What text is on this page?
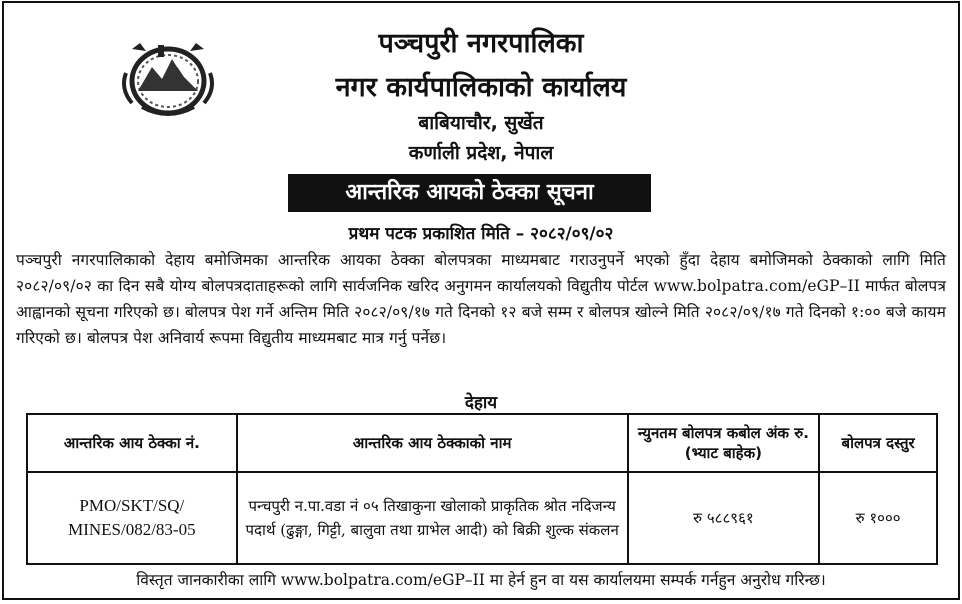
पञ्चपुरी नगरपालिका
नगर कार्यपालिकाको कार्यालय
बाबियाचौर, सुर्खेत
कर्णाली प्रदेश, नेपाल
आन्तरिक आयको ठेक्का सूचना
प्रथम पटक प्रकाशित मिति – २०८२/०९/०२
पञ्चपुरी नगरपालिकाको देहाय बमोजिमका आन्तरिक आयका ठेक्का बोलपत्रका माध्यमबाट गराउनुपर्ने भएको हुँदा देहाय बमोजिमको ठेक्काको लागि मिति २०८२/०९/०२ का दिन सबै योग्य बोलपत्रदाताहरूको लागि सार्वजनिक खरिद अनुगमन कार्यालयको विद्युतीय पोर्टल www.bolpatra.com/eGP–II मार्फत बोलपत्र आह्वानको सूचना गरिएको छ। बोलपत्र पेश गर्ने अन्तिम मिति २०८२/०९/१७ गते दिनको १२ बजे सम्म र बोलपत्र खोल्ने मिति २०८२/०९/१७ गते दिनको १:०० बजे कायम गरिएको छ। बोलपत्र पेश अनिवार्य रूपमा विद्युतीय माध्यमबाट मात्र गर्नु पर्नेछ।
देहाय
आन्तरिक आय ठेक्का नं.	आन्तरिक आय ठेक्काको नाम	न्युनतम बोलपत्र कबोल अंक रु. (भ्याट बाहेक)	बोलपत्र दस्तुर
PMO/SKT/SQ/ MINES/082/83-05	पन्चपुरी न.पा.वडा नं ०५ तिखाकुना खोलाको प्राकृतिक श्रोत नदिजन्य पदार्थ (ढुङ्गा, गिट्टी, बालुवा तथा ग्राभेल आदी) को बिक्री शुल्क संकलन	रु ५८८९६१	रु १०००
विस्तृत जानकारीका लागि www.bolpatra.com/eGP–II मा हेर्न हुन वा यस कार्यालयमा सम्पर्क गर्नहुन अनुरोध गरिन्छ।
